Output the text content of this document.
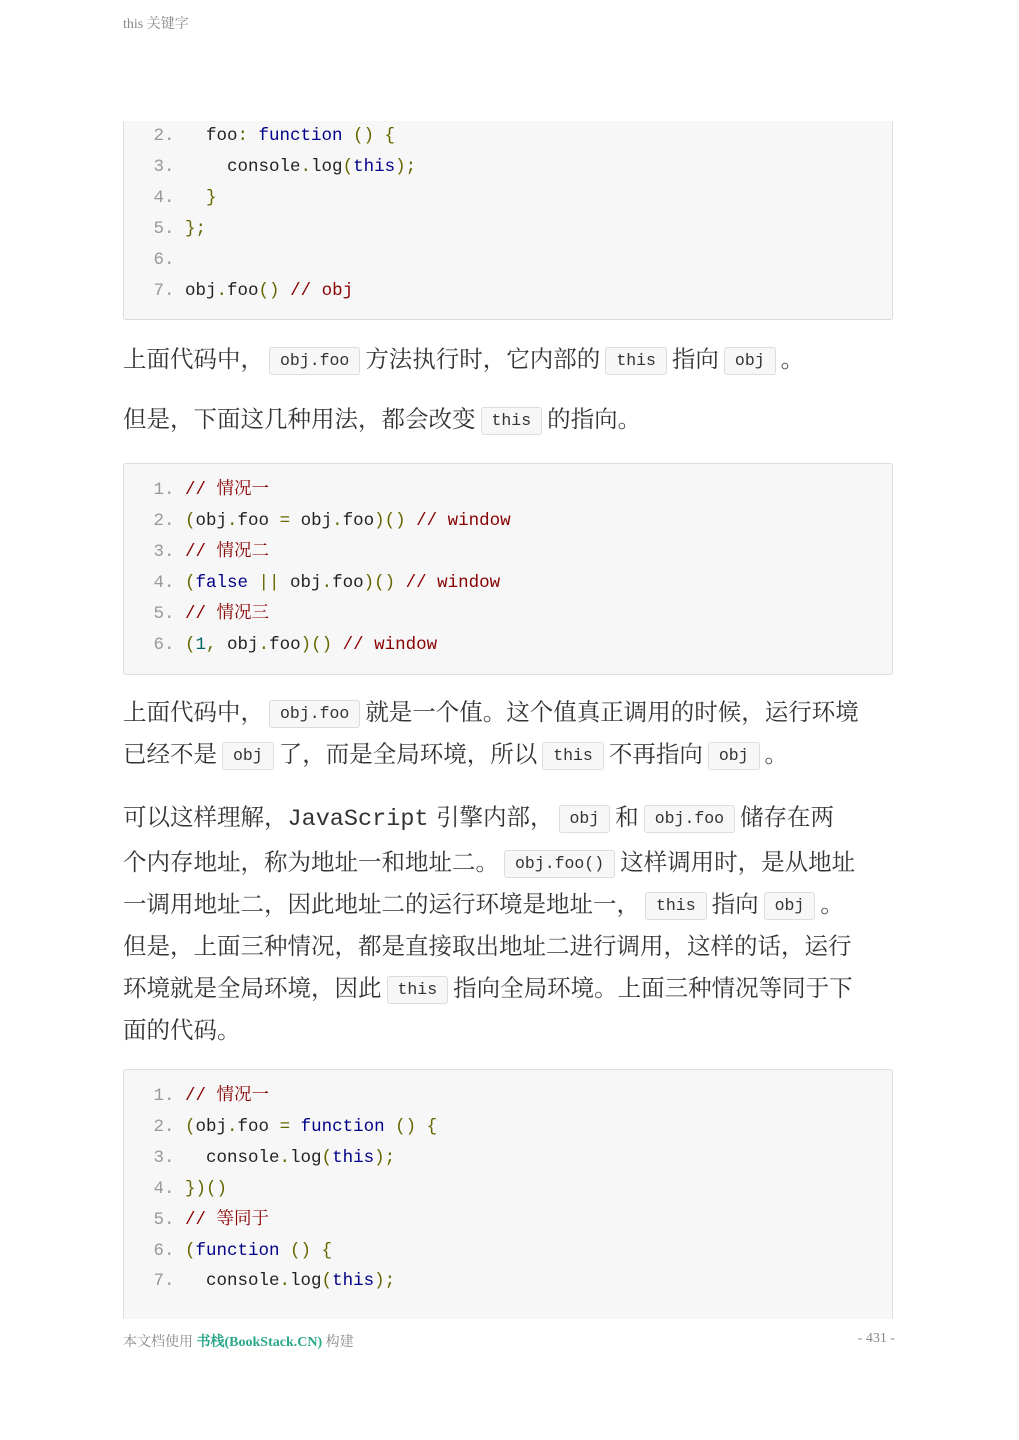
this 关键字
2.   foo: function () {
3.     console.log(this);
4.   }
5. };
6.
7. obj.foo() // obj

上面代码中， obj.foo 方法执行时，它内部的 this 指向 obj 。

但是，下面这几种用法，都会改变 this 的指向。

1. // 情况一
2. (obj.foo = obj.foo)() // window
3. // 情况二
4. (false || obj.foo)() // window
5. // 情况三
6. (1, obj.foo)() // window

上面代码中， obj.foo 就是一个值。这个值真正调用的时候，运行环境
已经不是 obj 了，而是全局环境，所以 this 不再指向 obj 。

可以这样理解，JavaScript 引擎内部， obj 和 obj.foo 储存在两
个内存地址，称为地址一和地址二。 obj.foo() 这样调用时，是从地址
一调用地址二，因此地址二的运行环境是地址一， this 指向 obj 。
但是，上面三种情况，都是直接取出地址二进行调用，这样的话，运行
环境就是全局环境，因此 this 指向全局环境。上面三种情况等同于下
面的代码。

1. // 情况一
2. (obj.foo = function () {
3.   console.log(this);
4. })()
5. // 等同于
6. (function () {
7.   console.log(this);
本文档使用 书栈(BookStack.CN) 构建	- 431 -
